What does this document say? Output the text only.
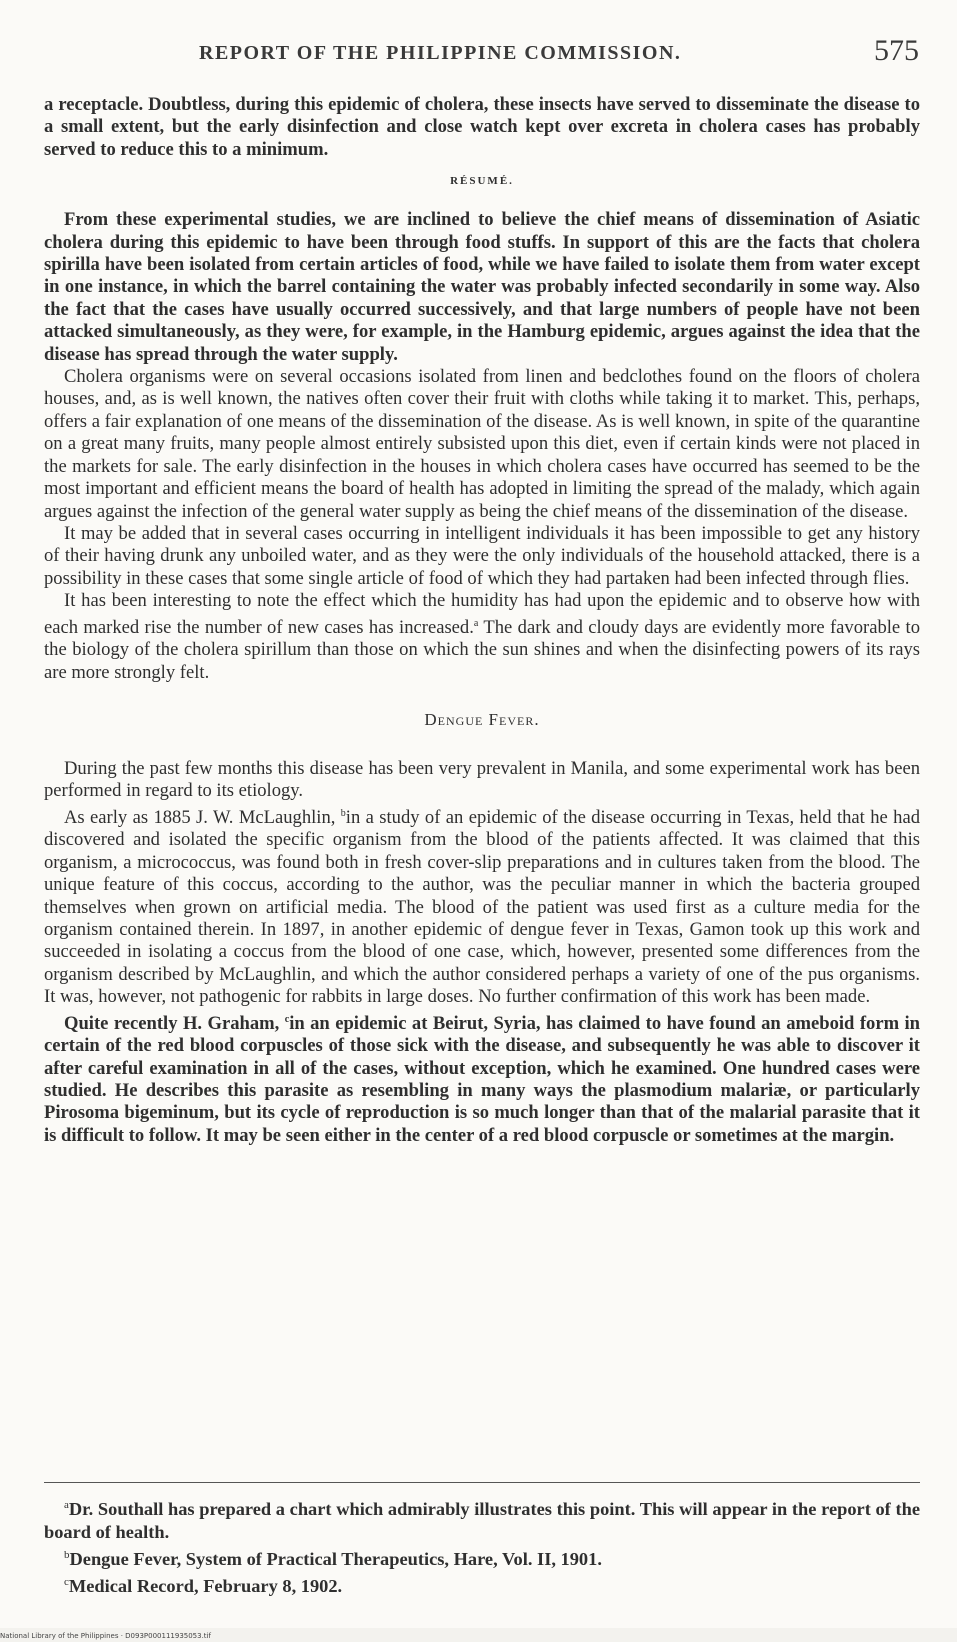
REPORT OF THE PHILIPPINE COMMISSION.	575

a receptacle. Doubtless, during this epidemic of cholera, these insects have served to disseminate the disease to a small extent, but the early disinfection and close watch kept over excreta in cholera cases has probably served to reduce this to a minimum.

RÉSUMÉ.

From these experimental studies, we are inclined to believe the chief means of dissemination of Asiatic cholera during this epidemic to have been through food stuffs. In support of this are the facts that cholera spirilla have been isolated from certain articles of food, while we have failed to isolate them from water except in one instance, in which the barrel containing the water was probably infected secondarily in some way. Also the fact that the cases have usually occurred successively, and that large numbers of people have not been attacked simultaneously, as they were, for example, in the Hamburg epidemic, argues against the idea that the disease has spread through the water supply.

Cholera organisms were on several occasions isolated from linen and bedclothes found on the floors of cholera houses, and, as is well known, the natives often cover their fruit with cloths while taking it to market. This, perhaps, offers a fair explanation of one means of the dissemination of the disease. As is well known, in spite of the quarantine on a great many fruits, many people almost entirely subsisted upon this diet, even if certain kinds were not placed in the markets for sale. The early disinfection in the houses in which cholera cases have occurred has seemed to be the most important and efficient means the board of health has adopted in limiting the spread of the malady, which again argues against the infection of the general water supply as being the chief means of the dissemination of the disease.

It may be added that in several cases occurring in intelligent individuals it has been impossible to get any history of their having drunk any unboiled water, and as they were the only individuals of the household attacked, there is a possibility in these cases that some single article of food of which they had partaken had been infected through flies.

It has been interesting to note the effect which the humidity has had upon the epidemic and to observe how with each marked rise the number of new cases has increased.$^a$ The dark and cloudy days are evidently more favorable to the biology of the cholera spirillum than those on which the sun shines and when the disinfecting powers of its rays are more strongly felt.

Dengue Fever.

During the past few months this disease has been very prevalent in Manila, and some experimental work has been performed in regard to its etiology.

As early as 1885 J. W. McLaughlin, $^b$in a study of an epidemic of the disease occurring in Texas, held that he had discovered and isolated the specific organism from the blood of the patients affected. It was claimed that this organism, a micrococcus, was found both in fresh cover-slip preparations and in cultures taken from the blood. The unique feature of this coccus, according to the author, was the peculiar manner in which the bacteria grouped themselves when grown on artificial media. The blood of the patient was used first as a culture media for the organism contained therein. In 1897, in another epidemic of dengue fever in Texas, Gamon took up this work and succeeded in isolating a coccus from the blood of one case, which, however, presented some differences from the organism described by McLaughlin, and which the author considered perhaps a variety of one of the pus organisms. It was, however, not pathogenic for rabbits in large doses. No further confirmation of this work has been made.

Quite recently H. Graham, $^c$in an epidemic at Beirut, Syria, has claimed to have found an ameboid form in certain of the red blood corpuscles of those sick with the disease, and subsequently he was able to discover it after careful examination in all of the cases, without exception, which he examined. One hundred cases were studied. He describes this parasite as resembling in many ways the plasmodium malariæ, or particularly Pirosoma bigeminum, but its cycle of reproduction is so much longer than that of the malarial parasite that it is difficult to follow. It may be seen either in the center of a red blood corpuscle or sometimes at the margin.

$^a$Dr. Southall has prepared a chart which admirably illustrates this point. This will appear in the report of the board of health.
$^b$Dengue Fever, System of Practical Therapeutics, Hare, Vol. II, 1901.
$^c$Medical Record, February 8, 1902.
National Library of the Philippines · D093P000111935053.tif
